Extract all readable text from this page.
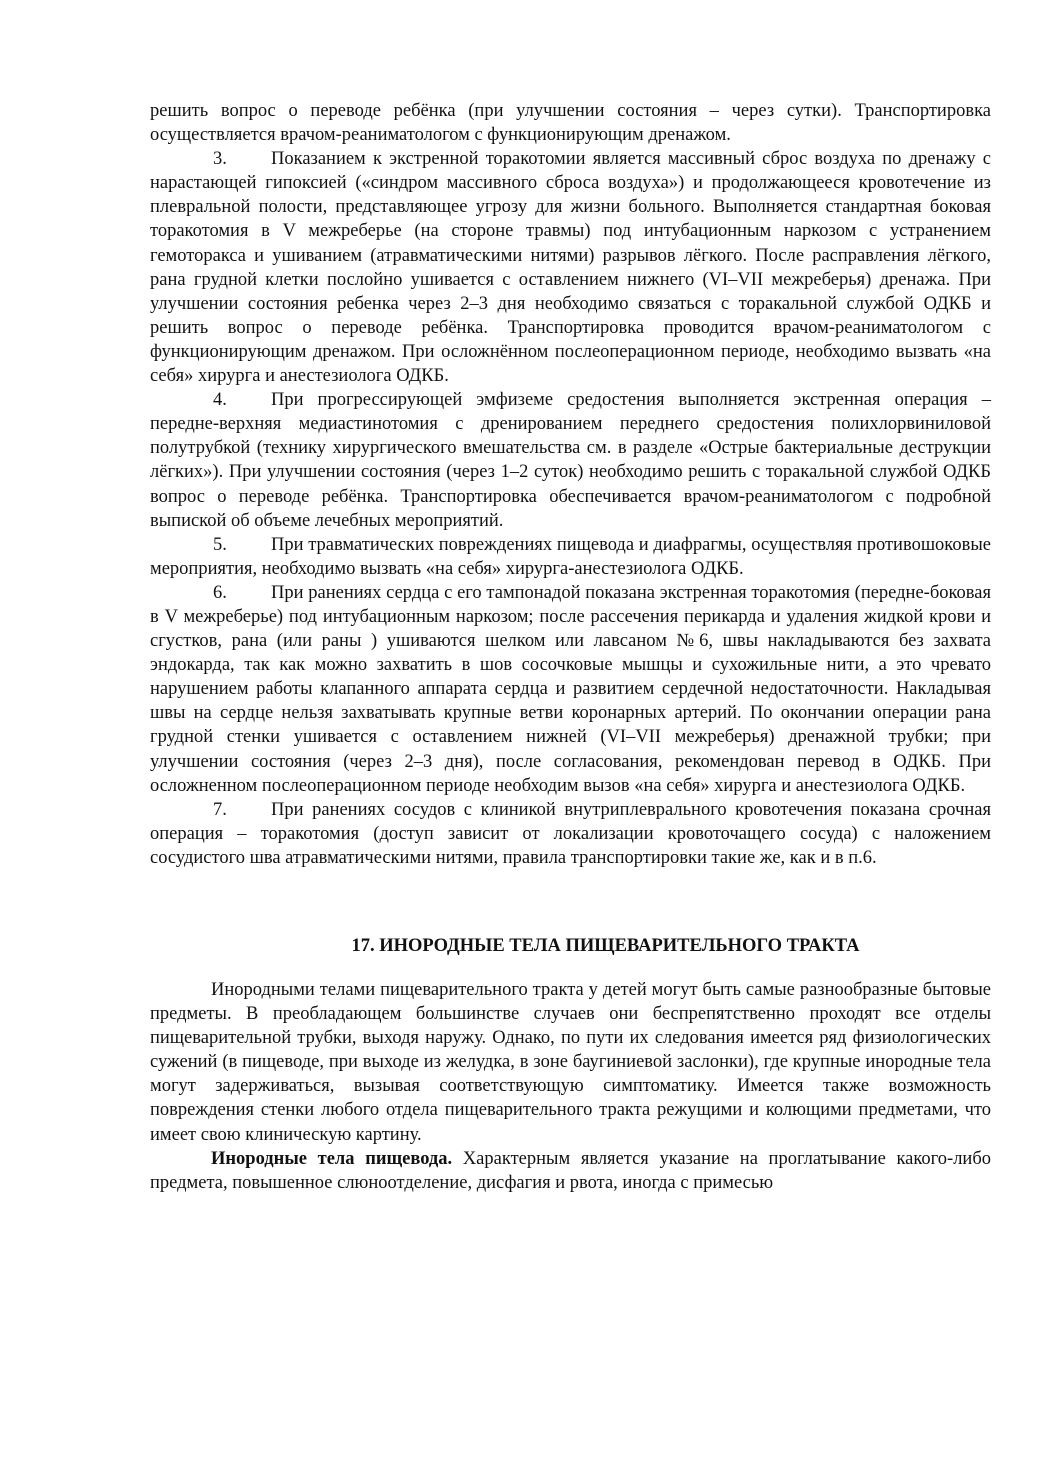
решить вопрос о переводе ребёнка (при улучшении состояния – через сутки). Транспортировка осуществляется врачом-реаниматологом с функционирующим дренажом.

3. Показанием к экстренной торакотомии является массивный сброс воздуха по дренажу с нарастающей гипоксией («синдром массивного сброса воздуха») и продолжающееся кровотечение из плевральной полости, представляющее угрозу для жизни больного. Выполняется стандартная боковая торакотомия в V межреберье (на стороне травмы) под интубационным наркозом с устранением гемоторакса и ушиванием (атравматическими нитями) разрывов лёгкого. После расправления лёгкого, рана грудной клетки послойно ушивается с оставлением нижнего (VI–VII межреберья) дренажа. При улучшении состояния ребенка через 2–3 дня необходимо связаться с торакальной службой ОДКБ и решить вопрос о переводе ребёнка. Транспортировка проводится врачом-реаниматологом с функционирующим дренажом. При осложнённом послеоперационном периоде, необходимо вызвать «на себя» хирурга и анестезиолога ОДКБ.

4. При прогрессирующей эмфиземе средостения выполняется экстренная операция – передне-верхняя медиастинотомия с дренированием переднего средостения полихлорвиниловой полутрубкой (технику хирургического вмешательства см. в разделе «Острые бактериальные деструкции лёгких»). При улучшении состояния (через 1–2 суток) необходимо решить с торакальной службой ОДКБ вопрос о переводе ребёнка. Транспортировка обеспечивается врачом-реаниматологом с подробной выпиской об объеме лечебных мероприятий.

5. При травматических повреждениях пищевода и диафрагмы, осуществляя противошоковые мероприятия, необходимо вызвать «на себя» хирурга-анестезиолога ОДКБ.

6. При ранениях сердца с его тампонадой показана экстренная торакотомия (передне-боковая в V межреберье) под интубационным наркозом; после рассечения перикарда и удаления жидкой крови и сгустков, рана (или раны ) ушиваются шелком или лавсаном №6, швы накладываются без захвата эндокарда, так как можно захватить в шов сосочковые мышцы и сухожильные нити, а это чревато нарушением работы клапанного аппарата сердца и развитием сердечной недостаточности. Накладывая швы на сердце нельзя захватывать крупные ветви коронарных артерий. По окончании операции рана грудной стенки ушивается с оставлением нижней (VI–VII межреберья) дренажной трубки; при улучшении состояния (через 2–3 дня), после согласования, рекомендован перевод в ОДКБ. При осложненном послеоперационном периоде необходим вызов «на себя» хирурга и анестезиолога ОДКБ.

7. При ранениях сосудов с клиникой внутриплеврального кровотечения показана срочная операция – торакотомия (доступ зависит от локализации кровоточащего сосуда) с наложением сосудистого шва атравматическими нитями, правила транспортировки такие же, как и в п.6.

17. ИНОРОДНЫЕ ТЕЛА ПИЩЕВАРИТЕЛЬНОГО ТРАКТА

Инородными телами пищеварительного тракта у детей могут быть самые разнообразные бытовые предметы. В преобладающем большинстве случаев они беспрепятственно проходят все отделы пищеварительной трубки, выходя наружу. Однако, по пути их следования имеется ряд физиологических сужений (в пищеводе, при выходе из желудка, в зоне баугиниевой заслонки), где крупные инородные тела могут задерживаться, вызывая соответствующую симптоматику. Имеется также возможность повреждения стенки любого отдела пищеварительного тракта режущими и колющими предметами, что имеет свою клиническую картину.

Инородные тела пищевода. Характерным является указание на проглатывание какого-либо предмета, повышенное слюноотделение, дисфагия и рвота, иногда с примесью
